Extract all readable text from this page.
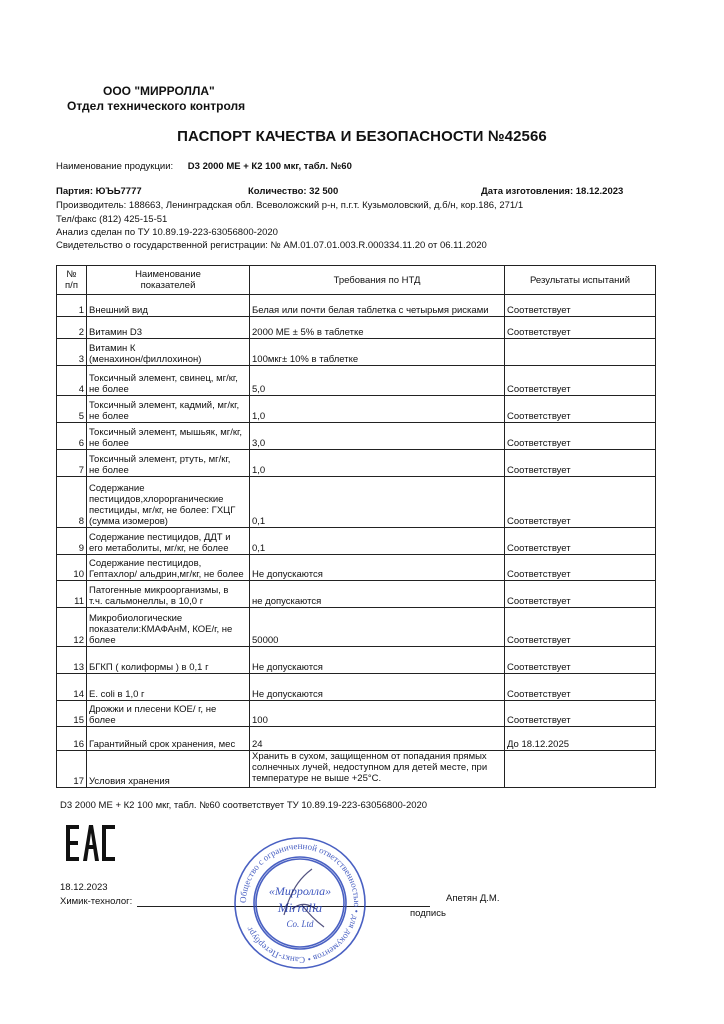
ООО "МИРРОЛЛА"
Отдел технического контроля
ПАСПОРТ КАЧЕСТВА И БЕЗОПАСНОСТИ №42566
Наименование продукции: D3 2000 МЕ + К2 100 мкг, табл. №60
Партия: ЮЪЬ7777	Количество: 32 500	Дата изготовления: 18.12.2023
Производитель: 188663, Ленинградская обл. Всеволожский р-н, п.г.т. Кузьмоловский, д.б/н, кор.186, 271/1
Тел/факс (812) 425-15-51
Анализ сделан по ТУ 10.89.19-223-63056800-2020
Свидетельство о государственной регистрации: № AM.01.07.01.003.R.000334.11.20 от 06.11.2020
№
п/п	Наименование
показателей	Требования по НТД	Результаты испытаний
1	Внешний вид	Белая или почти белая таблетка с четырьмя рисками	Соответствует
2	Витамин D3	2000 МЕ ± 5% в таблетке	Соответствует
3	Витамин К
(менахинон/филлохинон)	100мкг± 10% в таблетке	
4	Токсичный элемент, свинец, мг/кг,
не более	5,0	Соответствует
5	Токсичный элемент, кадмий, мг/кг,
не более	1,0	Соответствует
6	Токсичный элемент, мышьяк, мг/кг,
не более	3,0	Соответствует
7	Токсичный элемент, ртуть, мг/кг,
не более	1,0	Соответствует
8	Содержание
пестицидов,хлорорганические
пестициды, мг/кг, не более: ГХЦГ
(сумма изомеров)	0,1	Соответствует
9	Содержание пестицидов, ДДТ и
его метаболиты, мг/кг, не более	0,1	Соответствует
10	Содержание пестицидов,
Гептахлор/ альдрин,мг/кг, не более	Не допускаются	Соответствует
11	Патогенные микроорганизмы, в
т.ч. сальмонеллы, в 10,0 г	не допускаются	Соответствует
12	Микробиологические
показатели:КМАФАнМ, КОЕ/г, не
более	50000	Соответствует
13	БГКП ( колиформы ) в 0,1 г	Не допускаются	Соответствует
14	E. coli в 1,0 г	Не допускаются	Соответствует
15	Дрожжи и плесени КОЕ/ г, не
более	100	Соответствует
16	Гарантийный срок хранения, мес	24	До 18.12.2025
17	Условия хранения	Хранить в сухом, защищенном от попадания прямых
солнечных лучей, недоступном для детей месте, при
температуре не выше +25°С.	
D3 2000 МЕ + К2 100 мкг, табл. №60 соответствует ТУ 10.89.19-223-63056800-2020
18.12.2023
Химик-технолог:	Апетян Д.М.
подпись
Общество с ограниченной ответственностью • для документов • Санкт-Петербург
«Мирролла»
Mirrolla
Co. Ltd
